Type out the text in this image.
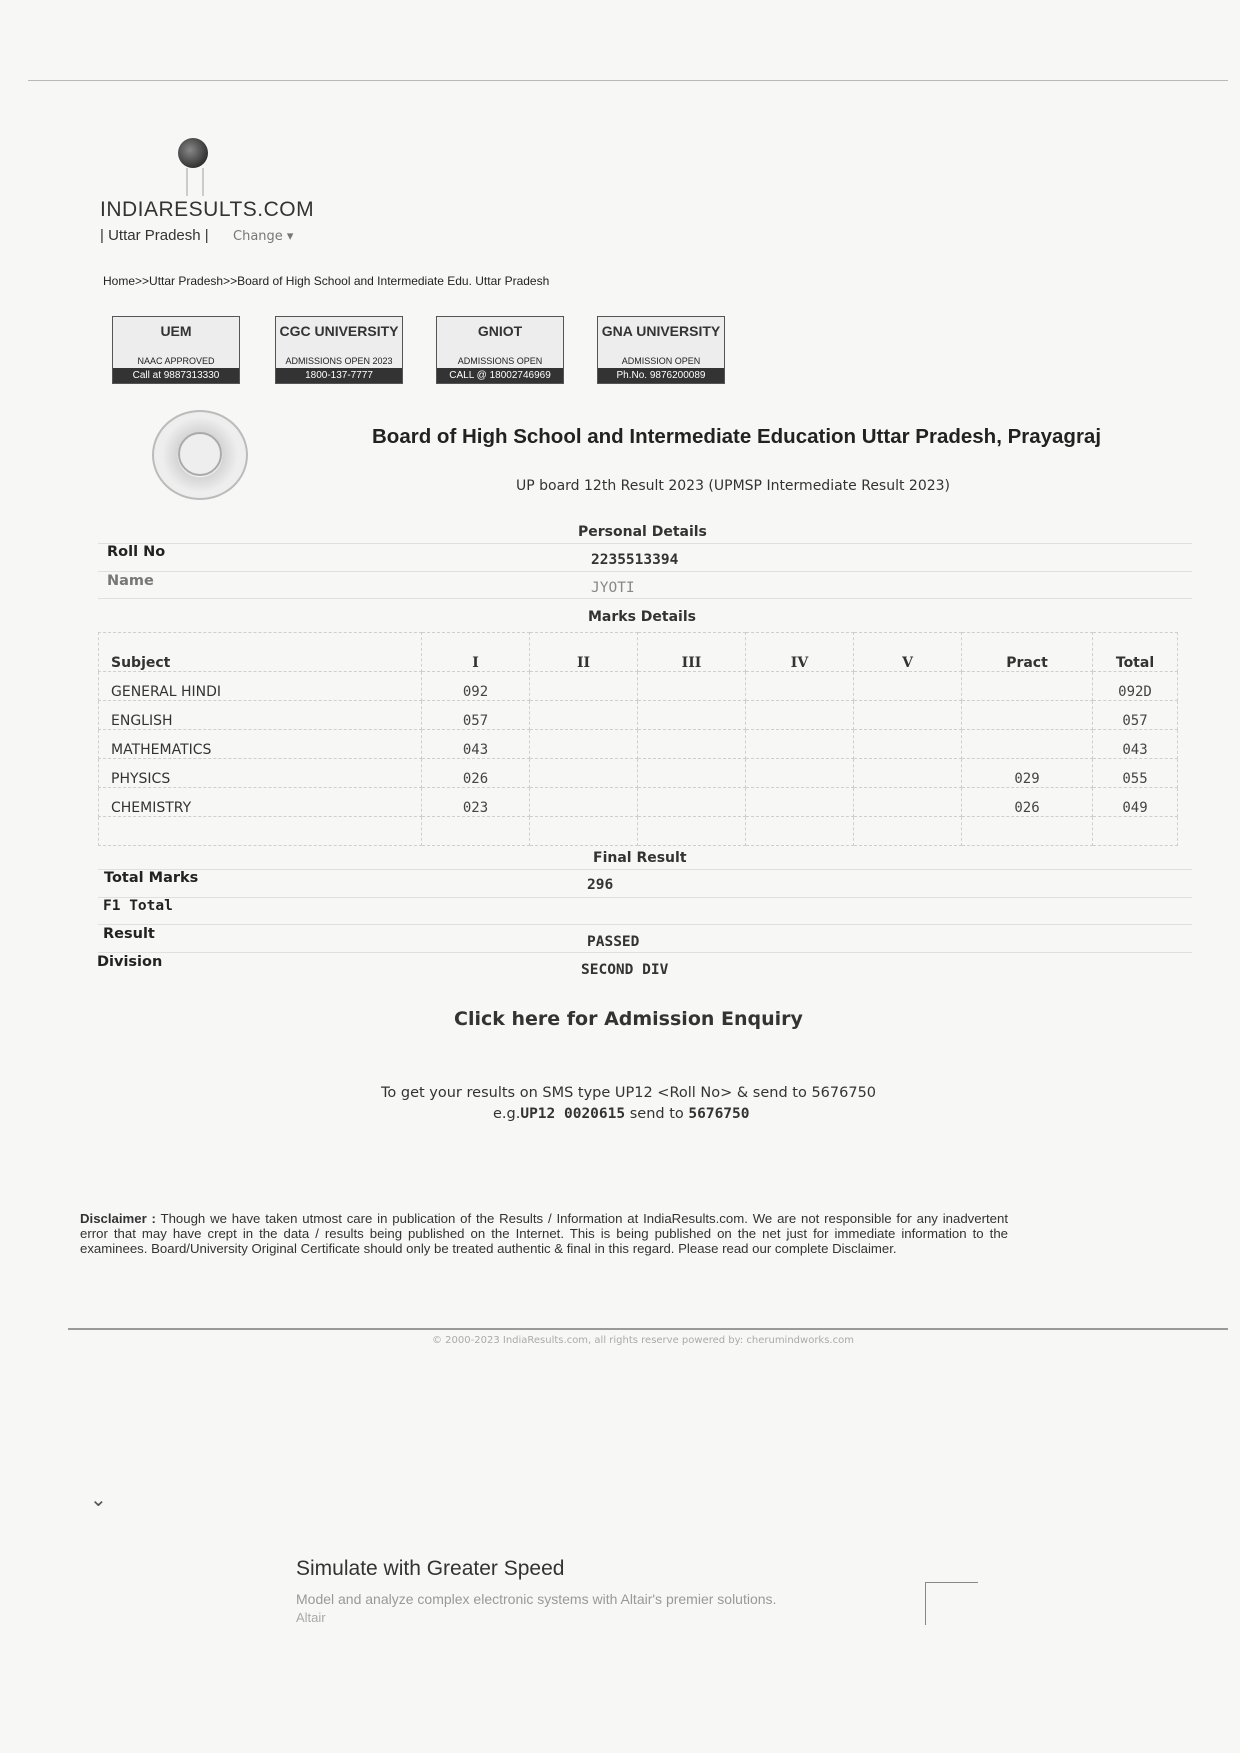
INDIARESULTS.COM
| Uttar Pradesh | Change ▾
Home>>Uttar Pradesh>>Board of High School and Intermediate Edu. Uttar Pradesh
UEM
NAAC APPROVED
Call at 9887313330
CGC UNIVERSITY
ADMISSIONS OPEN 2023
1800-137-7777
GNIOT
ADMISSIONS OPEN
CALL @ 18002746969
GNA UNIVERSITY
ADMISSION OPEN
Ph.No. 9876200089
Board of High School and Intermediate Education Uttar Pradesh, Prayagraj
UP board 12th Result 2023 (UPMSP Intermediate Result 2023)
Personal Details
Roll No	2235513394
Name	JYOTI
Marks Details
Subject	I	II	III	IV	V	Pract	Total
GENERAL HINDI	092						092D
ENGLISH	057						057
MATHEMATICS	043						043
PHYSICS	026					029	055
CHEMISTRY	023					026	049

Final Result
Total Marks	296
F1 Total
Result	PASSED
Division	SECOND DIV
Click here for Admission Enquiry
To get your results on SMS type UP12 <Roll No> & send to 5676750
e.g.UP12 0020615 send to 5676750
Disclaimer : Though we have taken utmost care in publication of the Results / Information at IndiaResults.com. We are not responsible for any inadvertent error that may have crept in the data / results being published on the Internet. This is being published on the net just for immediate information to the examinees. Board/University Original Certificate should only be treated authentic & final in this regard. Please read our complete Disclaimer.
© 2000-2023 IndiaResults.com, all rights reserve powered by: cherumindworks.com
⌄
Simulate with Greater Speed
Model and analyze complex electronic systems with Altair's premier solutions.
Altair
